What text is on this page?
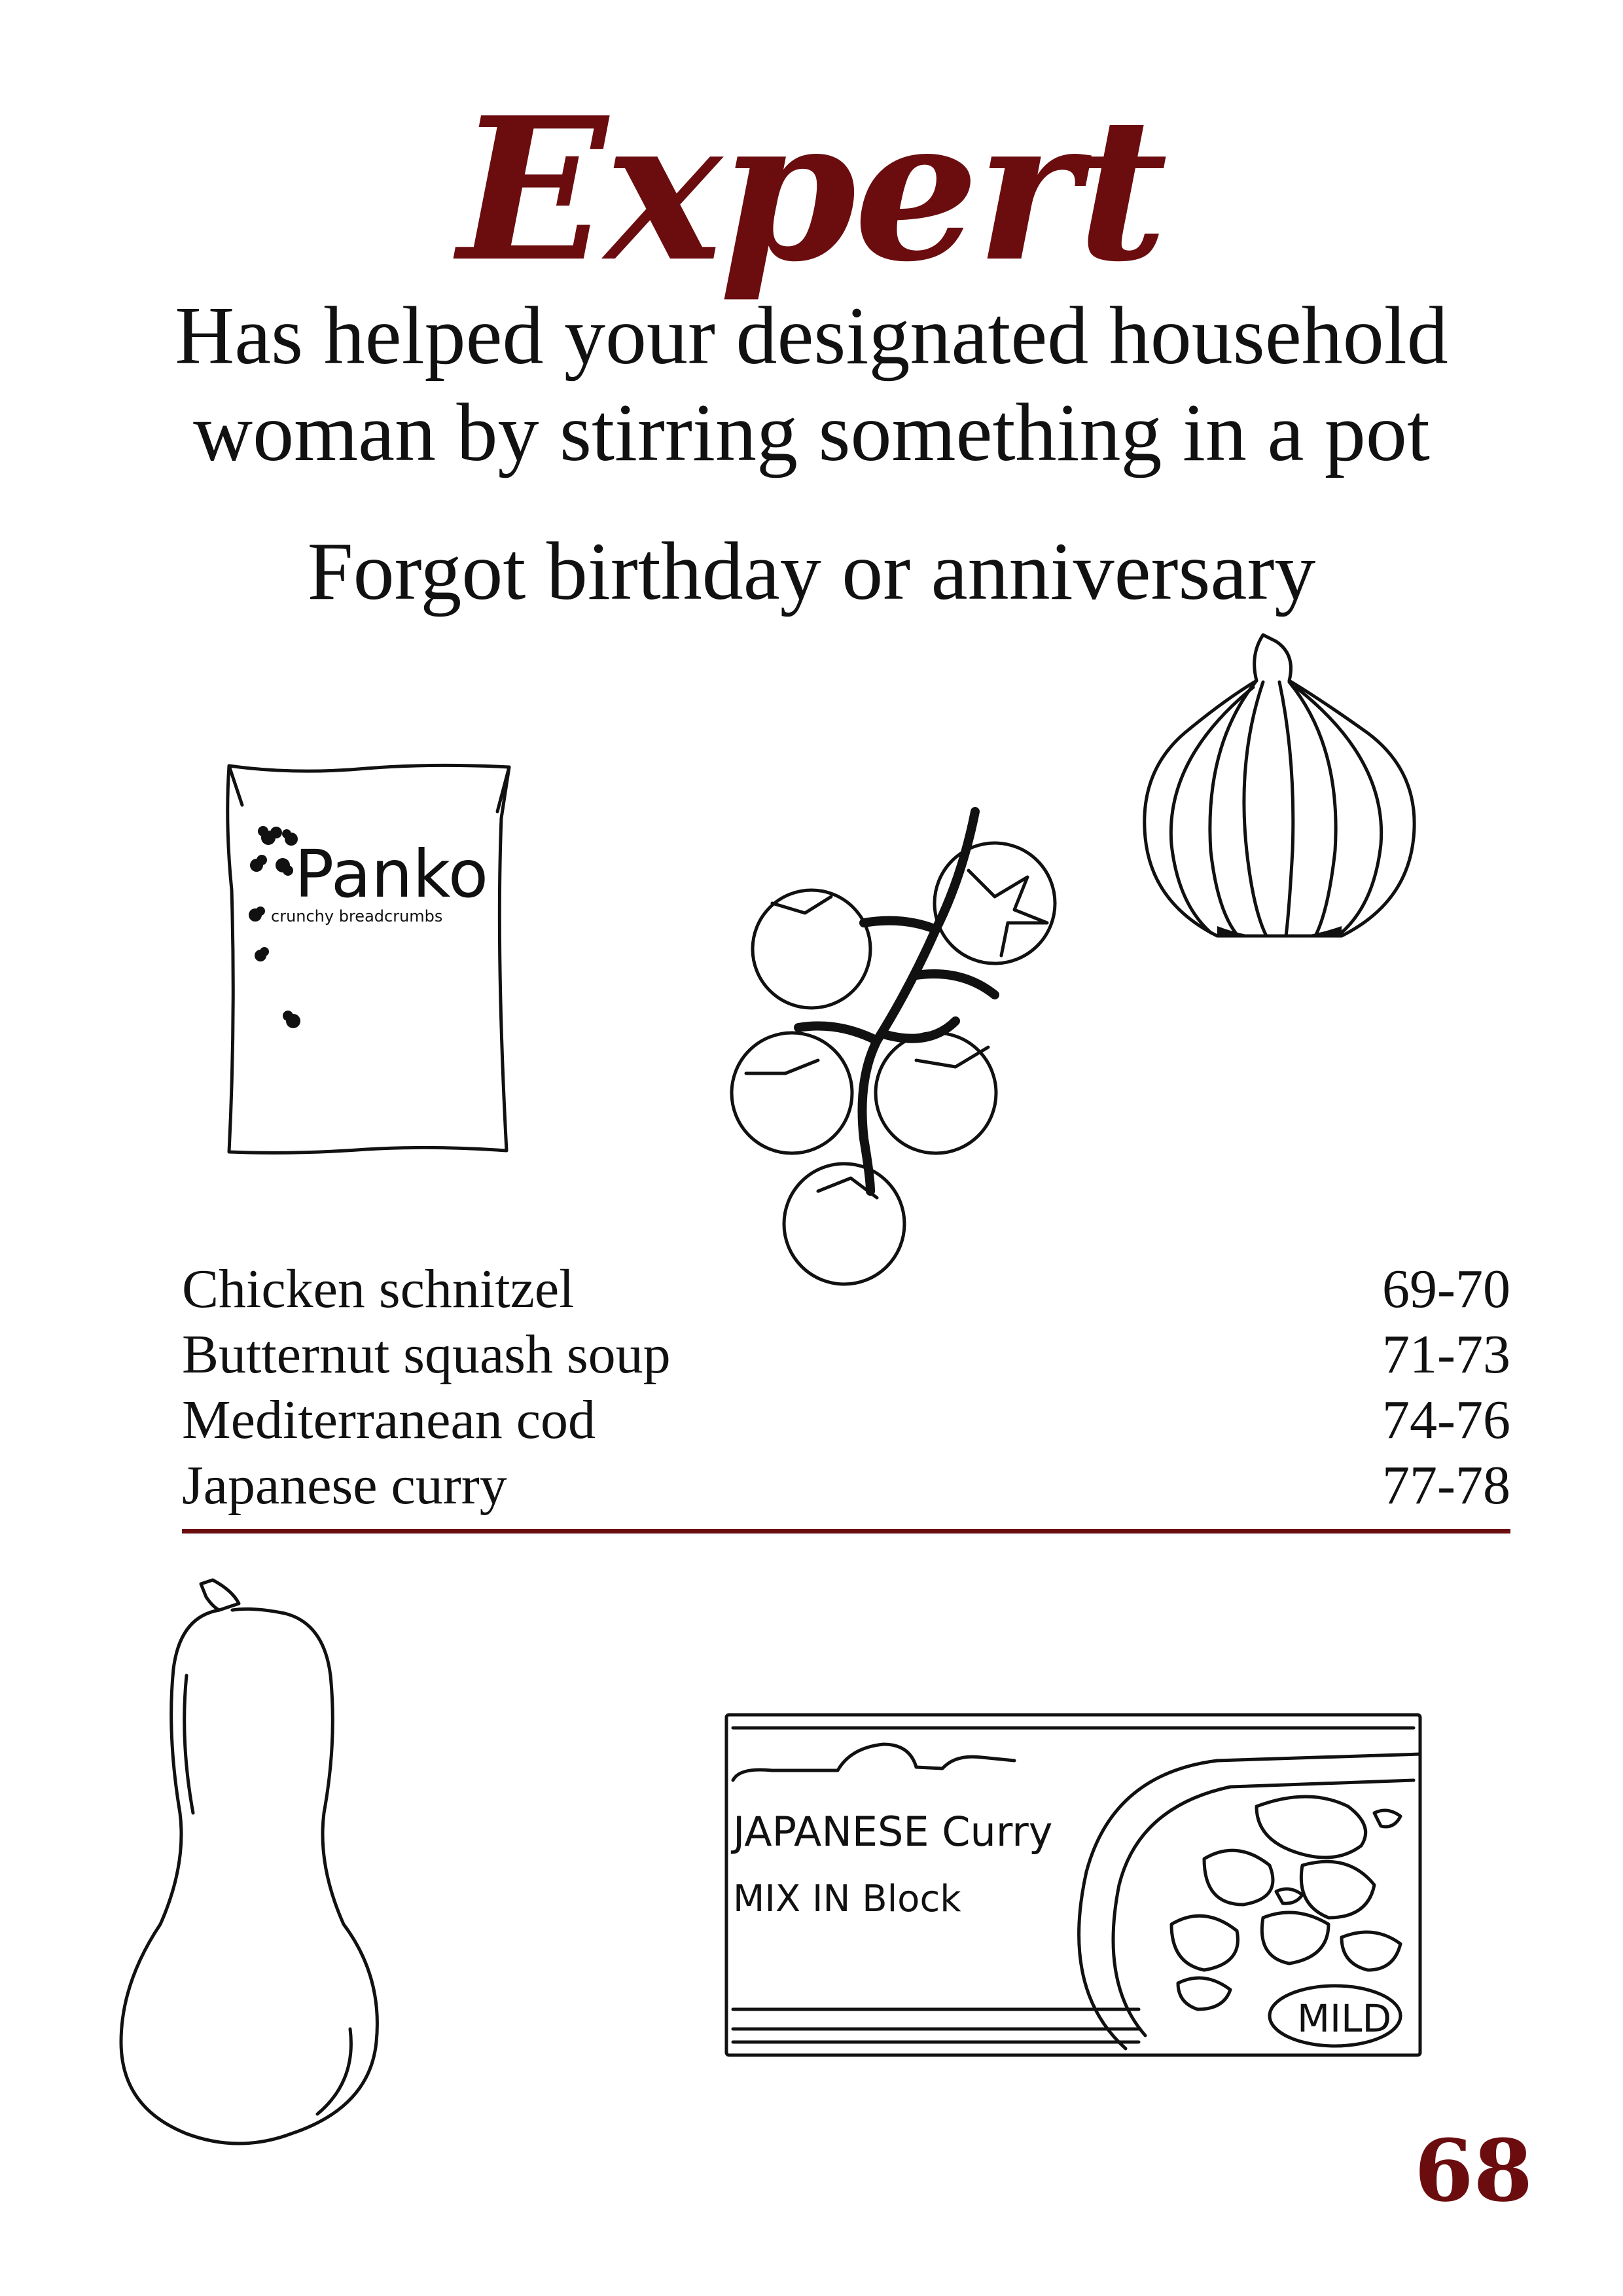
Expert
Has helped your designated household woman by stirring something in a pot
Forgot birthday or anniversary
Panko
crunchy breadcrumbs
Chicken schnitzel	69-70
Butternut squash soup	71-73
Mediterranean cod	74-76
Japanese curry	77-78
MILD
JAPANESE Curry
MIX IN Block
68
